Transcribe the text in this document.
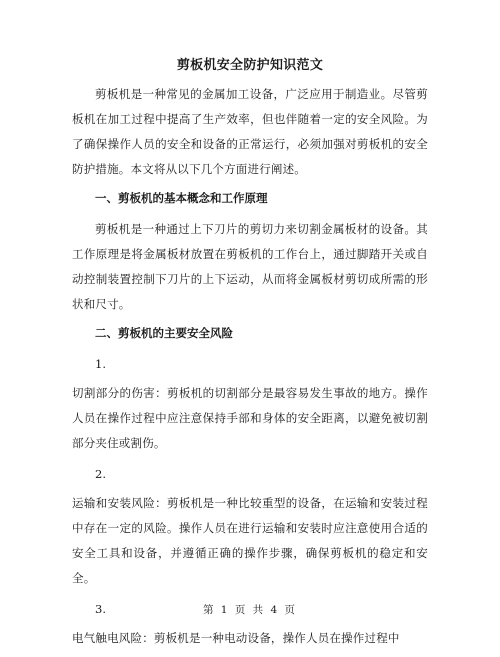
剪板机安全防护知识范文

剪板机是一种常见的金属加工设备，广泛应用于制造业。尽管剪板机在加工过程中提高了生产效率，但也伴随着一定的安全风险。为了确保操作人员的安全和设备的正常运行，必须加强对剪板机的安全防护措施。本文将从以下几个方面进行阐述。

一、剪板机的基本概念和工作原理

剪板机是一种通过上下刀片的剪切力来切割金属板材的设备。其工作原理是将金属板材放置在剪板机的工作台上，通过脚踏开关或自动控制装置控制下刀片的上下运动，从而将金属板材剪切成所需的形状和尺寸。

二、剪板机的主要安全风险
1.

切割部分的伤害：剪板机的切割部分是最容易发生事故的地方。操作人员在操作过程中应注意保持手部和身体的安全距离，以避免被切割部分夹住或割伤。

2.

运输和安装风险：剪板机是一种比较重型的设备，在运输和安装过程中存在一定的风险。操作人员在进行运输和安装时应注意使用合适的安全工具和设备，并遵循正确的操作步骤，确保剪板机的稳定和安全。

3.

电气触电风险：剪板机是一种电动设备，操作人员在操作过程中

第 1 页 共 4 页
